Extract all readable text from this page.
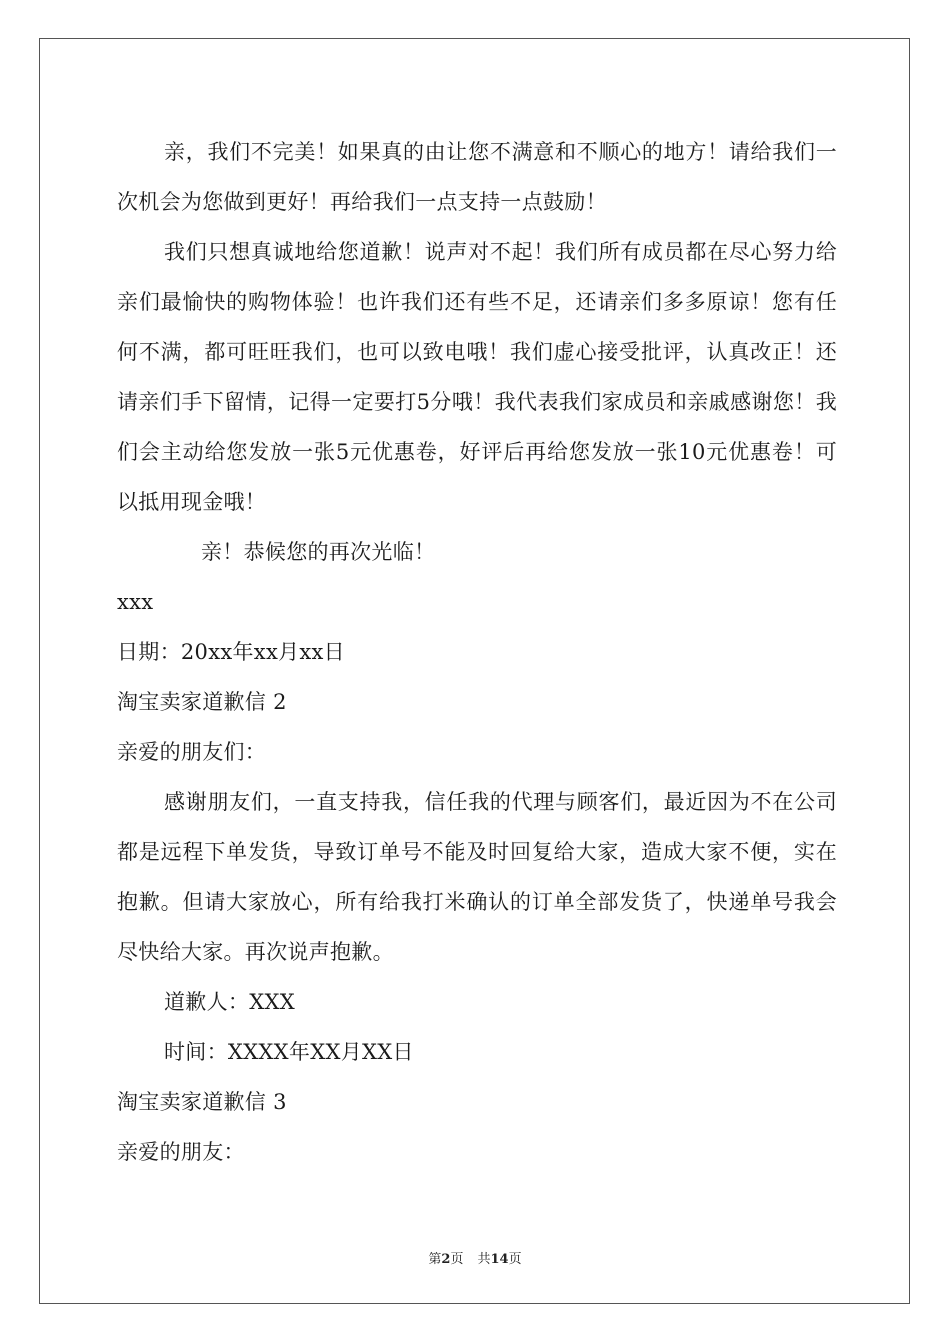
亲，我们不完美！如果真的由让您不满意和不顺心的地方！请给我们一次机会为您做到更好！再给我们一点支持一点鼓励！

我们只想真诚地给您道歉！说声对不起！我们所有成员都在尽心努力给亲们最愉快的购物体验！也许我们还有些不足，还请亲们多多原谅！您有任何不满，都可旺旺我们，也可以致电哦！我们虚心接受批评，认真改正！还请亲们手下留情，记得一定要打5分哦！我代表我们家成员和亲戚感谢您！我们会主动给您发放一张5元优惠卷，好评后再给您发放一张10元优惠卷！可以抵用现金哦！

亲！恭候您的再次光临！

xxx

日期：20xx年xx月xx日

淘宝卖家道歉信 2

亲爱的朋友们：

感谢朋友们，一直支持我，信任我的代理与顾客们，最近因为不在公司都是远程下单发货，导致订单号不能及时回复给大家，造成大家不便，实在抱歉。但请大家放心，所有给我打米确认的订单全部发货了，快递单号我会尽快给大家。再次说声抱歉。

道歉人：XXX

时间：XXXX年XX月XX日

淘宝卖家道歉信 3

亲爱的朋友：

第2页 共14页
